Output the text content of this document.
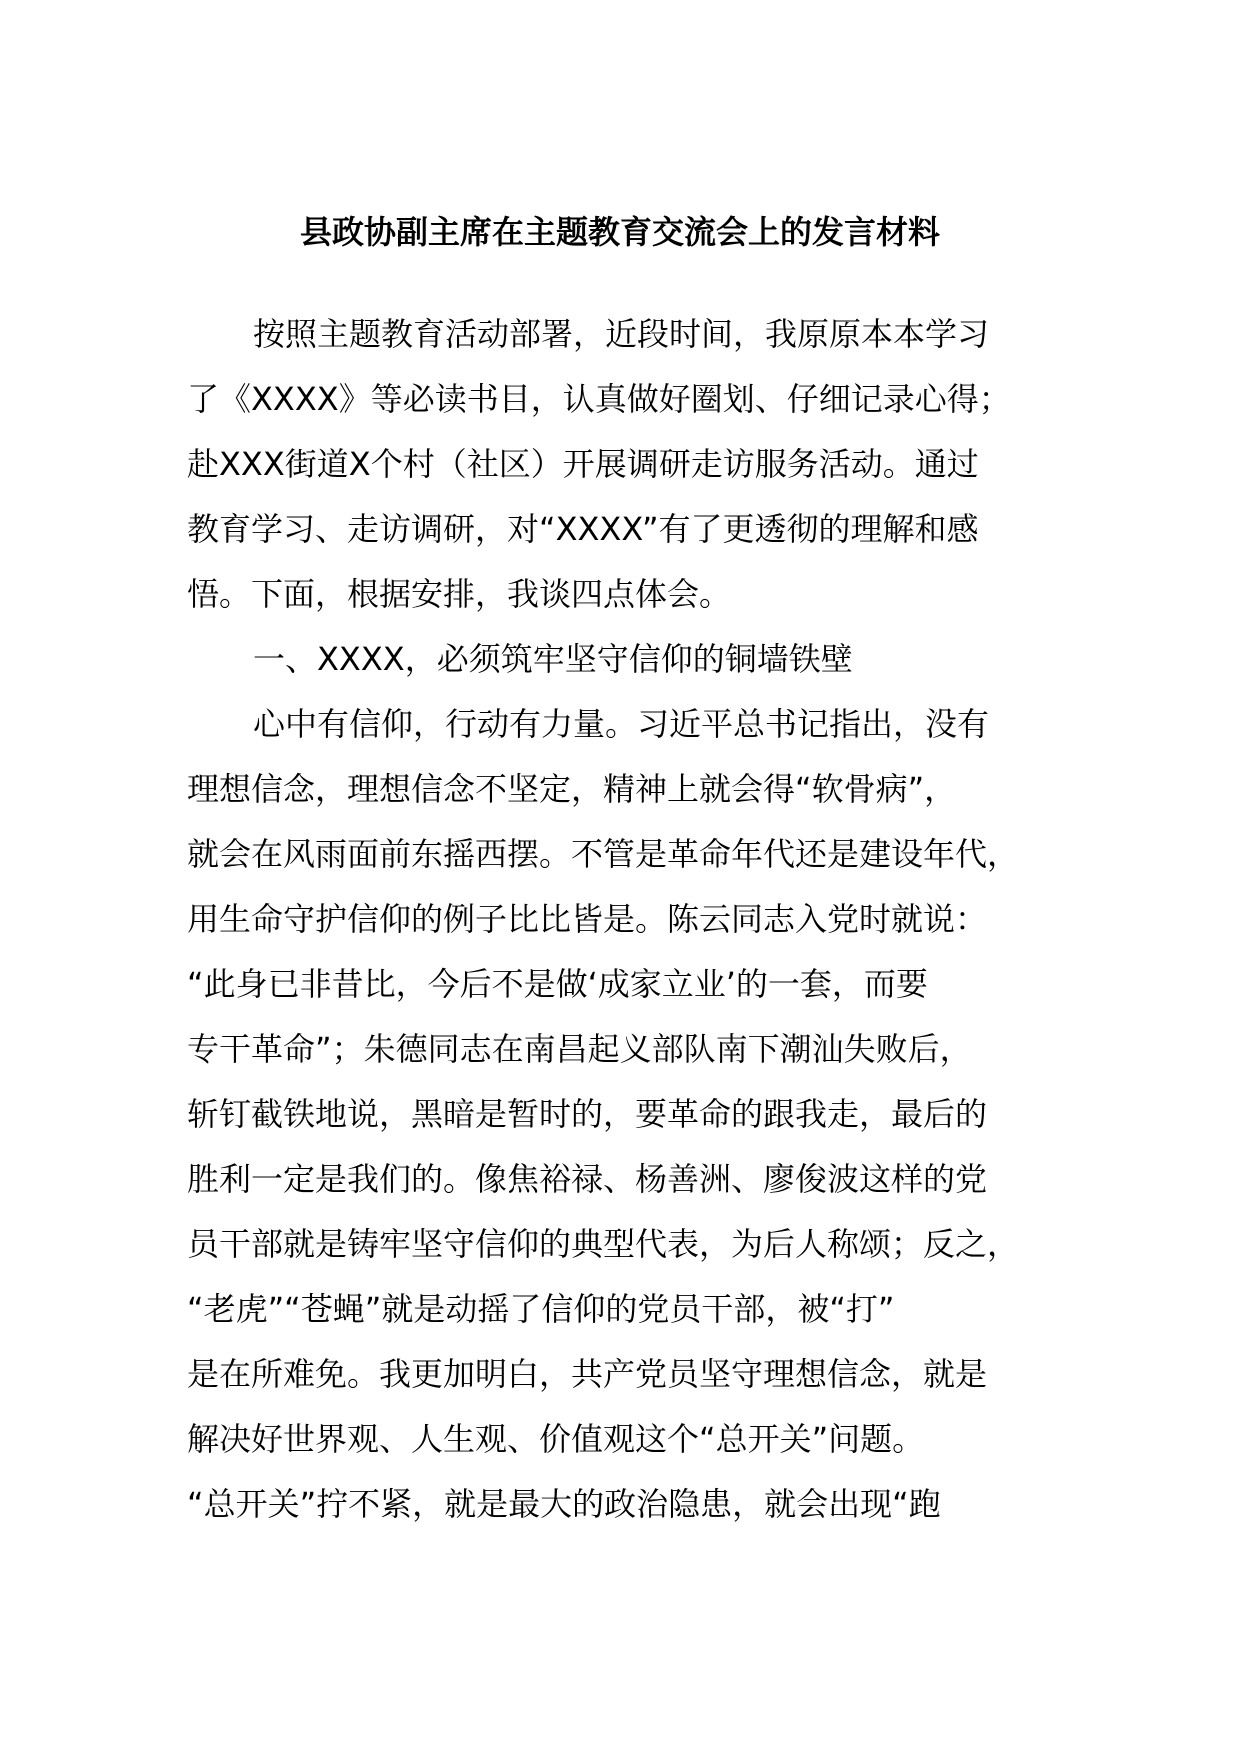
县政协副主席在主题教育交流会上的发言材料
按照主题教育活动部署，近段时间，我原原本本学习
了《XXXX》等必读书目，认真做好圈划、仔细记录心得；
赴XXX街道X个村（社区）开展调研走访服务活动。通过
教育学习、走访调研，对“XXXX”有了更透彻的理解和感
悟。下面，根据安排，我谈四点体会。
一、XXXX，必须筑牢坚守信仰的铜墙铁壁
心中有信仰，行动有力量。习近平总书记指出，没有
理想信念，理想信念不坚定，精神上就会得“软骨病”，
就会在风雨面前东摇西摆。不管是革命年代还是建设年代，
用生命守护信仰的例子比比皆是。陈云同志入党时就说：
“此身已非昔比，今后不是做‘成家立业’的一套，而要
专干革命”；朱德同志在南昌起义部队南下潮汕失败后，
斩钉截铁地说，黑暗是暂时的，要革命的跟我走，最后的
胜利一定是我们的。像焦裕禄、杨善洲、廖俊波这样的党
员干部就是铸牢坚守信仰的典型代表，为后人称颂；反之，
“老虎”“苍蝇”就是动摇了信仰的党员干部，被“打”
是在所难免。我更加明白，共产党员坚守理想信念，就是
解决好世界观、人生观、价值观这个“总开关”问题。
“总开关”拧不紧，就是最大的政治隐患，就会出现“跑
